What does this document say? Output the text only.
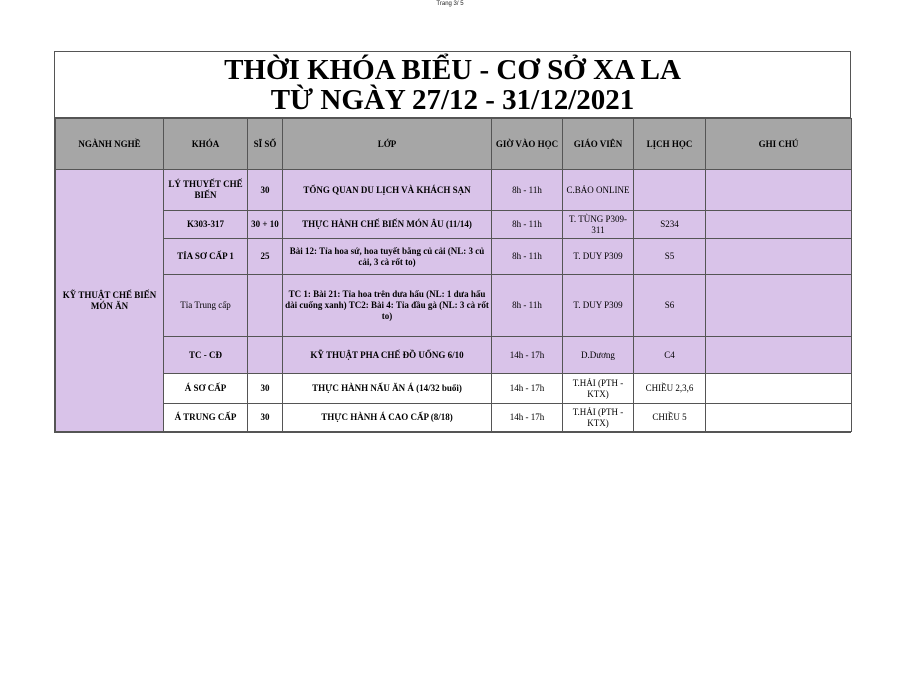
Trang 3/ 5
THỜI KHÓA BIỂU - CƠ SỞ XA LA
TỪ NGÀY 27/12 - 31/12/2021
NGÀNH NGHỀ	KHÓA	SĨ SỐ	LỚP	GIỜ VÀO HỌC	GIÁO VIÊN	LỊCH HỌC	GHI CHÚ
KỸ THUẬT CHẾ BIẾN MÓN ĂN	LÝ THUYẾT CHẾ BIẾN	30	TỔNG QUAN DU LỊCH VÀ KHÁCH SẠN	8h - 11h	C.BẢO ONLINE		
	K303-317	30 + 10	THỰC HÀNH CHẾ BIẾN MÓN ÂU (11/14)	8h - 11h	T. TÙNG P309-311	S234	
	TỈA SƠ CẤP 1	25	Bài 12: Tỉa hoa sứ, hoa tuyết bằng củ cải (NL: 3 củ cải, 3 cà rốt to)	8h - 11h	T. DUY P309	S5	
	Tỉa Trung cấp		TC 1: Bài 21: Tỉa hoa trên dưa hấu (NL: 1 dưa hấu dài cuống xanh) TC2: Bài 4: Tỉa đầu gà (NL: 3 cà rốt to)	8h - 11h	T. DUY P309	S6	
	TC - CĐ		KỸ THUẬT PHA CHẾ ĐỒ UỐNG 6/10	14h - 17h	D.Dương	C4	
	Á SƠ CẤP	30	THỰC HÀNH NẤU ĂN Á (14/32 buổi)	14h - 17h	T.HẢI (PTH - KTX)	CHIỀU 2,3,6	
	Á TRUNG CẤP	30	THỰC HÀNH Á CAO CẤP (8/18)	14h - 17h	T.HẢI (PTH - KTX)	CHIỀU 5	
